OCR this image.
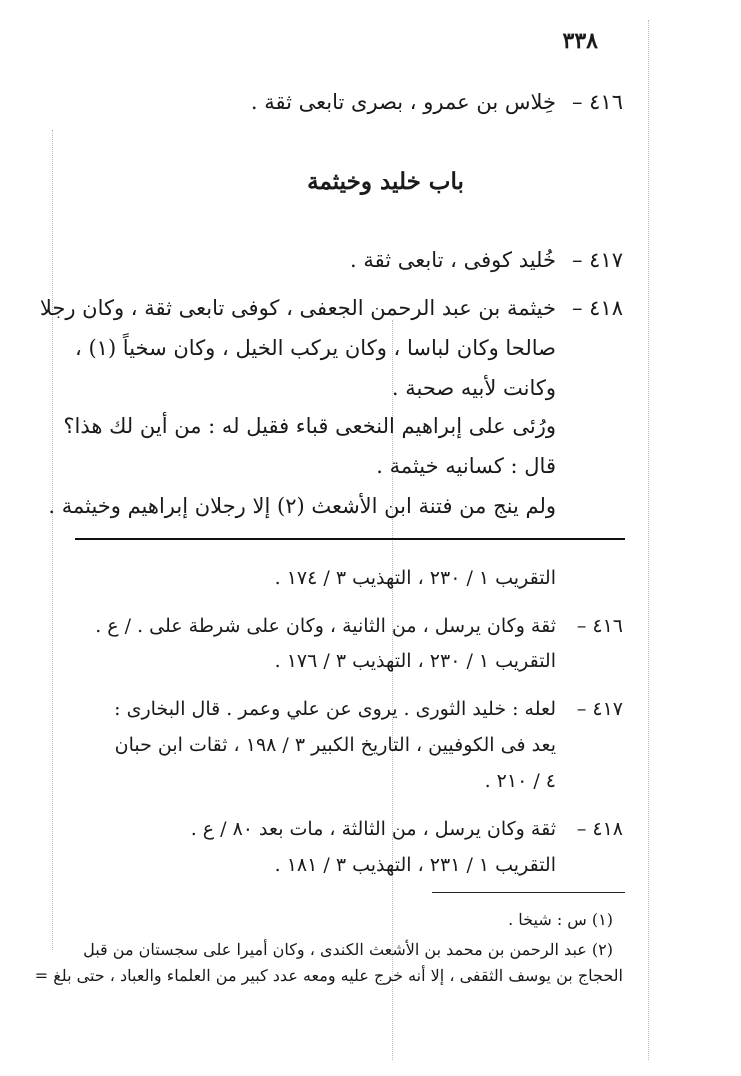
٣٣٨
٤١٦ –
خِلاس بن عمرو ، بصرى تابعى ثقة .
باب خليد وخيثمة
٤١٧ –
خُليد كوفى ، تابعى ثقة .
٤١٨ –
خيثمة بن عبد الرحمن الجعفى ، كوفى تابعى ثقة ، وكان رجلا
صالحا وكان لباسا ، وكان يركب الخيل ، وكان سخياً (١) ،
وكانت لأبيه صحبة .
ورُئى على إبراهيم النخعى قباء فقيل له : من أين لك هذا؟
قال : كسانيه خيثمة .
ولم ينج من فتنة ابن الأشعث (٢) إلا رجلان إبراهيم وخيثمة .
التقريب ١ / ٢٣٠ ، التهذيب ٣ / ١٧٤ .
٤١٦ –
ثقة وكان يرسل ، من الثانية ، وكان على شرطة على . / ع .
التقريب ١ / ٢٣٠ ، التهذيب ٣ / ١٧٦ .
٤١٧ –
لعله : خليد الثورى . يروى عن علي وعمر . قال البخارى :
يعد فى الكوفيين ، التاريخ الكبير ٣ / ١٩٨ ، ثقات ابن حبان
٤ / ٢١٠ .
٤١٨ –
ثقة وكان يرسل ، من الثالثة ، مات بعد ٨٠ / ع .
التقريب ١ / ٢٣١ ، التهذيب ٣ / ١٨١ .
(١) س : شيخا .
(٢) عبد الرحمن بن محمد بن الأشعث الكندى ، وكان أميرا على سجستان من قبل
الحجاج بن يوسف الثقفى ، إلا أنه خرج عليه ومعه عدد كبير من العلماء والعباد ، حتى بلغ =
